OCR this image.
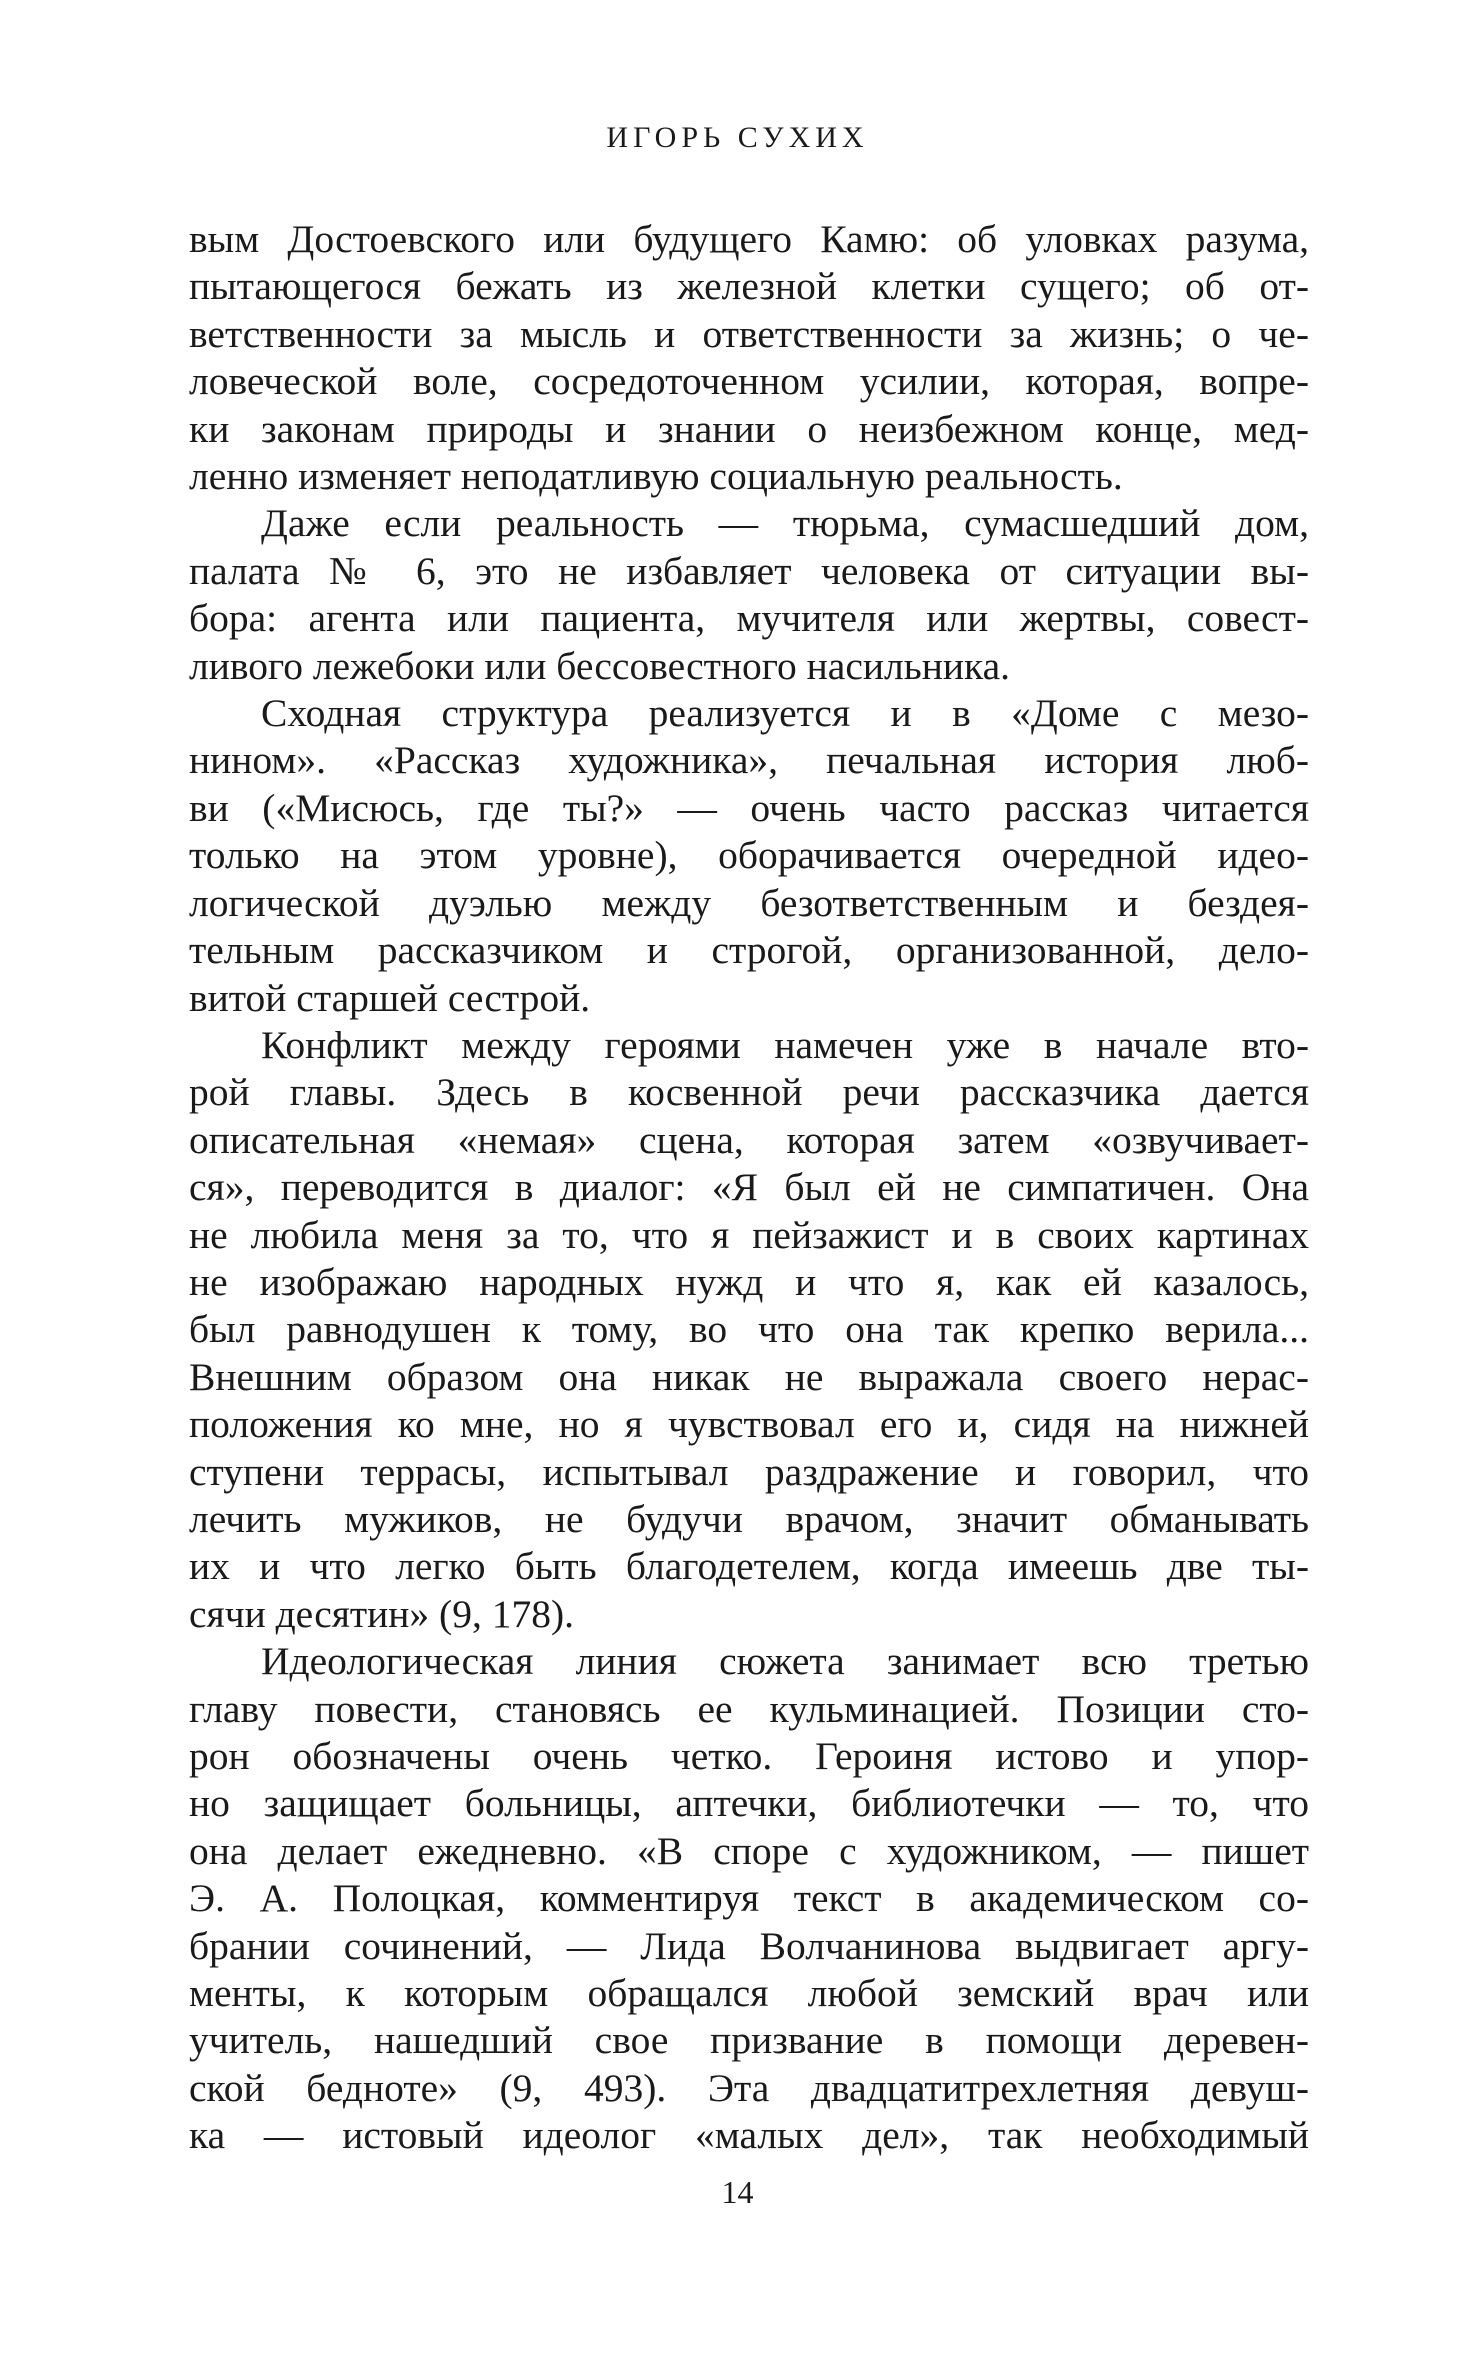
ИГОРЬ СУХИХ
вым Достоевского или будущего Камю: об уловках разума,
пытающегося бежать из железной клетки сущего; об от-
ветственности за мысль и ответственности за жизнь; о че-
ловеческой воле, сосредоточенном усилии, которая, вопре-
ки законам природы и знании о неизбежном конце, мед-
ленно изменяет неподатливую социальную реальность.
Даже если реальность — тюрьма, сумасшедший дом,
палата № 6, это не избавляет человека от ситуации вы-
бора: агента или пациента, мучителя или жертвы, совест-
ливого лежебоки или бессовестного насильника.
Сходная структура реализуется и в «Доме с мезо-
нином». «Рассказ художника», печальная история люб-
ви («Мисюсь, где ты?» — очень часто рассказ читается
только на этом уровне), оборачивается очередной идео-
логической дуэлью между безответственным и бездея-
тельным рассказчиком и строгой, организованной, дело-
витой старшей сестрой.
Конфликт между героями намечен уже в начале вто-
рой главы. Здесь в косвенной речи рассказчика дается
описательная «немая» сцена, которая затем «озвучивает-
ся», переводится в диалог: «Я был ей не симпатичен. Она
не любила меня за то, что я пейзажист и в своих картинах
не изображаю народных нужд и что я, как ей казалось,
был равнодушен к тому, во что она так крепко верила...
Внешним образом она никак не выражала своего нерас-
положения ко мне, но я чувствовал его и, сидя на нижней
ступени террасы, испытывал раздражение и говорил, что
лечить мужиков, не будучи врачом, значит обманывать
их и что легко быть благодетелем, когда имеешь две ты-
сячи десятин» (9, 178).
Идеологическая линия сюжета занимает всю третью
главу повести, становясь ее кульминацией. Позиции сто-
рон обозначены очень четко. Героиня истово и упор-
но защищает больницы, аптечки, библиотечки — то, что
она делает ежедневно. «В споре с художником, — пишет
Э. А. Полоцкая, комментируя текст в академическом со-
брании сочинений, — Лида Волчанинова выдвигает аргу-
менты, к которым обращался любой земский врач или
учитель, нашедший свое призвание в помощи деревен-
ской бедноте» (9, 493). Эта двадцатитрехлетняя девуш-
ка — истовый идеолог «малых дел», так необходимый
14
